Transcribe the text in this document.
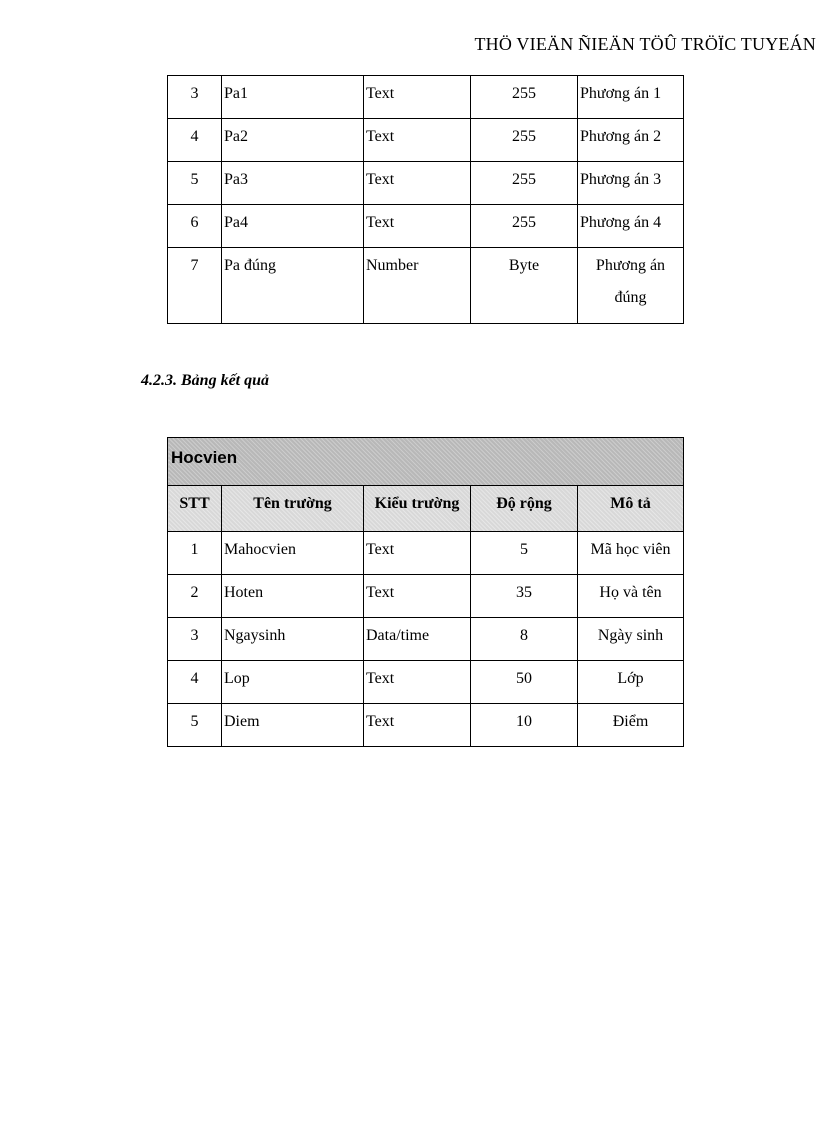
THÖ VIEÄN ÑIEÄN TÖÛ TRÖÏC TUYEÁN
3	Pa1	Text	255	Phương án 1
4	Pa2	Text	255	Phương án 2
5	Pa3	Text	255	Phương án 3
6	Pa4	Text	255	Phương án 4
7	Pa đúng	Number	Byte	Phương án đúng
4.2.3. Bảng kết quả
Hocvien				
STT	Tên trường	Kiểu trường	Độ rộng	Mô tả
1	Mahocvien	Text	5	Mã học viên
2	Hoten	Text	35	Họ và tên
3	Ngaysinh	Data/time	8	Ngày sinh
4	Lop	Text	50	Lớp
5	Diem	Text	10	Điểm
